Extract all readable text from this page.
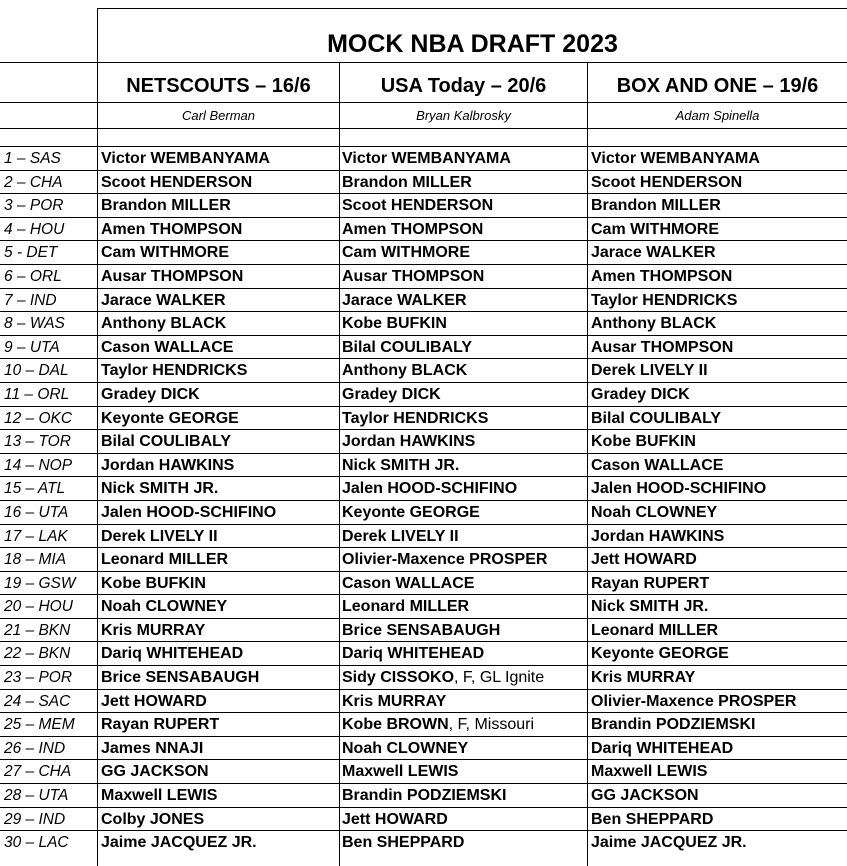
MOCK NBA DRAFT 2023
NETSCOUTS – 16/6	USA Today – 20/6	BOX AND ONE – 19/6
Carl Berman	Bryan Kalbrosky	Adam Spinella
1 – SAS	Victor WEMBANYAMA	Victor WEMBANYAMA	Victor WEMBANYAMA
2 – CHA Scoot HENDERSON	Brandon MILLER	Scoot HENDERSON
3 – POR Brandon MILLER	Scoot HENDERSON	Brandon MILLER
4 – HOU Amen THOMPSON	Amen THOMPSON	Cam WITHMORE
5 - DET	Cam WITHMORE	Cam WITHMORE	Jarace WALKER
6 – ORL Ausar THOMPSON	Ausar THOMPSON	Amen THOMPSON
7 – IND	Jarace WALKER	Jarace WALKER	Taylor HENDRICKS
8 – WAS Anthony BLACK	Kobe BUFKIN	Anthony BLACK
9 – UTA	Cason WALLACE	Bilal COULIBALY	Ausar THOMPSON
10 – DAL Taylor HENDRICKS	Anthony BLACK	Derek LIVELY II
11 – ORL Gradey DICK	Gradey DICK	Gradey DICK
12 – OKC Keyonte GEORGE	Taylor HENDRICKS	Bilal COULIBALY
13 – TOR Bilal COULIBALY	Jordan HAWKINS	Kobe BUFKIN
14 – NOP Jordan HAWKINS	Nick SMITH JR.	Cason WALLACE
15 – ATL Nick SMITH JR.	Jalen HOOD-SCHIFINO	Jalen HOOD-SCHIFINO
16 – UTA Jalen HOOD-SCHIFINO	Keyonte GEORGE	Noah CLOWNEY
17 – LAK Derek LIVELY II	Derek LIVELY II	Jordan HAWKINS
18 – MIA Leonard MILLER	Olivier-Maxence PROSPER	Jett HOWARD
19 – GSW Kobe BUFKIN	Cason WALLACE	Rayan RUPERT
20 – HOU Noah CLOWNEY	Leonard MILLER	Nick SMITH JR.
21 – BKN Kris MURRAY	Brice SENSABAUGH	Leonard MILLER
22 – BKN Dariq WHITEHEAD	Dariq WHITEHEAD	Keyonte GEORGE
23 – POR Brice SENSABAUGH	Sidy CISSOKO, F, GL Ignite	Kris MURRAY
24 – SAC Jett HOWARD	Kris MURRAY	Olivier-Maxence PROSPER
25 – MEM Rayan RUPERT	Kobe BROWN, F, Missouri	Brandin PODZIEMSKI
26 – IND James NNAJI	Noah CLOWNEY	Dariq WHITEHEAD
27 – CHA GG JACKSON	Maxwell LEWIS	Maxwell LEWIS
28 – UTA Maxwell LEWIS	Brandin PODZIEMSKI	GG JACKSON
29 – IND Colby JONES	Jett HOWARD	Ben SHEPPARD
30 – LAC Jaime JACQUEZ JR.	Ben SHEPPARD	Jaime JACQUEZ JR.
